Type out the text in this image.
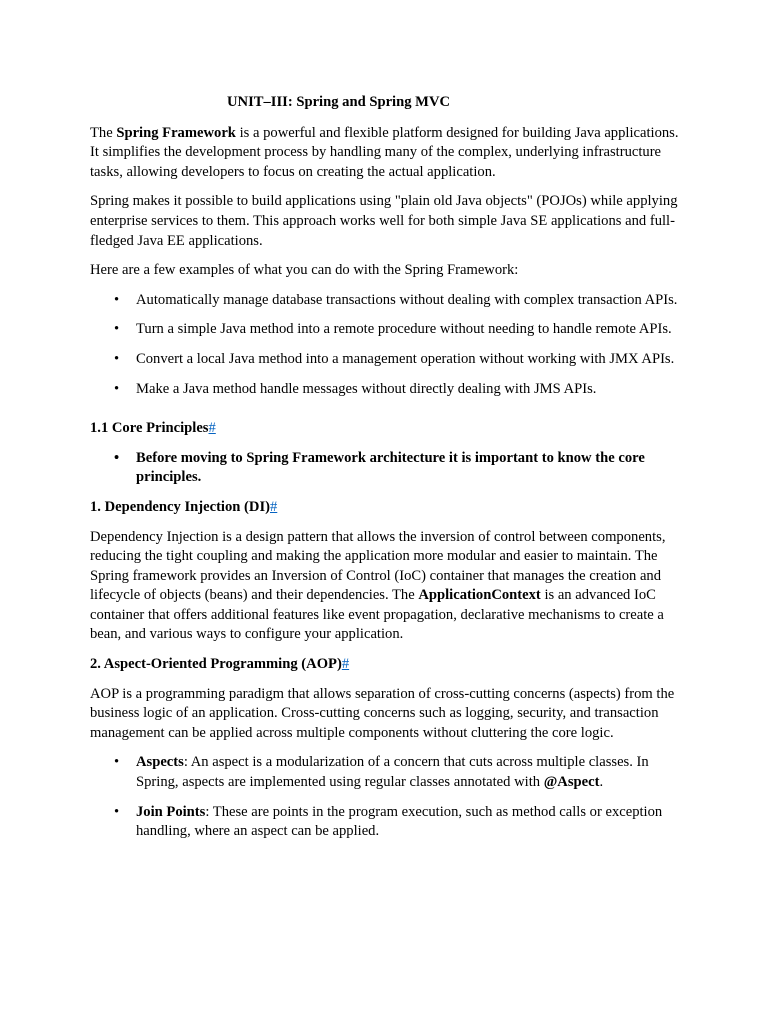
UNIT–III: Spring and Spring MVC

The Spring Framework is a powerful and flexible platform designed for building Java applications. It simplifies the development process by handling many of the complex, underlying infrastructure tasks, allowing developers to focus on creating the actual application.

Spring makes it possible to build applications using "plain old Java objects" (POJOs) while applying enterprise services to them. This approach works well for both simple Java SE applications and full-fledged Java EE applications.

Here are a few examples of what you can do with the Spring Framework:

• Automatically manage database transactions without dealing with complex transaction APIs.
• Turn a simple Java method into a remote procedure without needing to handle remote APIs.
• Convert a local Java method into a management operation without working with JMX APIs.
• Make a Java method handle messages without directly dealing with JMS APIs.
1.1 Core Principles#
• Before moving to Spring Framework architecture it is important to know the core principles.
1. Dependency Injection (DI)#

Dependency Injection is a design pattern that allows the inversion of control between components, reducing the tight coupling and making the application more modular and easier to maintain. The Spring framework provides an Inversion of Control (IoC) container that manages the creation and lifecycle of objects (beans) and their dependencies. The ApplicationContext is an advanced IoC container that offers additional features like event propagation, declarative mechanisms to create a bean, and various ways to configure your application.

2. Aspect-Oriented Programming (AOP)#

AOP is a programming paradigm that allows separation of cross-cutting concerns (aspects) from the business logic of an application. Cross-cutting concerns such as logging, security, and transaction management can be applied across multiple components without cluttering the core logic.

• Aspects: An aspect is a modularization of a concern that cuts across multiple classes. In Spring, aspects are implemented using regular classes annotated with @Aspect.
• Join Points: These are points in the program execution, such as method calls or exception handling, where an aspect can be applied.
